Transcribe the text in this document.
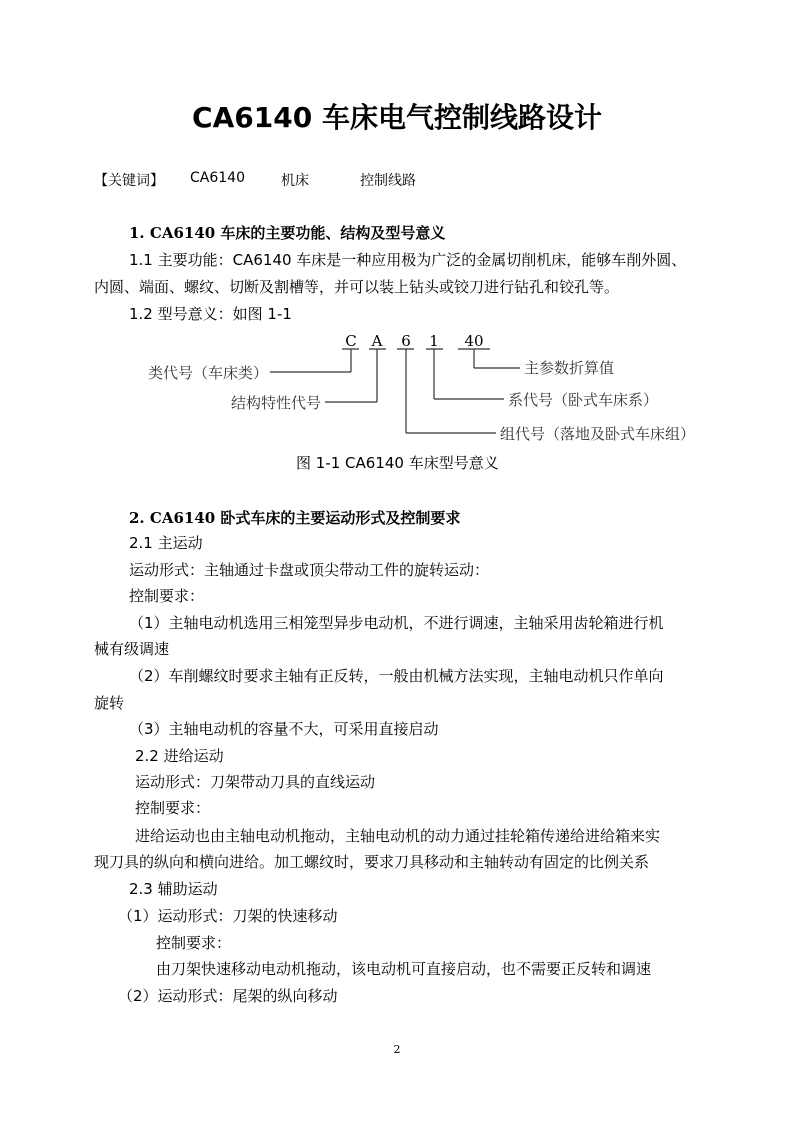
CA6140 车床电气控制线路设计
【关键词】 CA6140	机床	控制线路
1. CA6140 车床的主要功能、结构及型号意义
1.1 主要功能：CA6140 车床是一种应用极为广泛的金属切削机床，能够车削外圆、
内圆、端面、螺纹、切断及割槽等，并可以装上钻头或铰刀进行钻孔和铰孔等。
1.2 型号意义：如图 1-1
C A 6 1 40
主参数折算值
类代号（车床类）
结构特性代号	系代号（卧式车床系）
组代号（落地及卧式车床组）
图 1-1 CA6140 车床型号意义
2. CA6140 卧式车床的主要运动形式及控制要求
2.1 主运动
运动形式：主轴通过卡盘或顶尖带动工件的旋转运动：
控制要求：
（1）主轴电动机选用三相笼型异步电动机，不进行调速，主轴采用齿轮箱进行机
械有级调速
（2）车削螺纹时要求主轴有正反转，一般由机械方法实现，主轴电动机只作单向
旋转
（3）主轴电动机的容量不大，可采用直接启动
2.2 进给运动
运动形式：刀架带动刀具的直线运动
控制要求：
进给运动也由主轴电动机拖动，主轴电动机的动力通过挂轮箱传递给进给箱来实
现刀具的纵向和横向进给。加工螺纹时，要求刀具移动和主轴转动有固定的比例关系
2.3 辅助运动
（1）运动形式：刀架的快速移动
控制要求：
由刀架快速移动电动机拖动，该电动机可直接启动，也不需要正反转和调速
（2）运动形式：尾架的纵向移动
2
